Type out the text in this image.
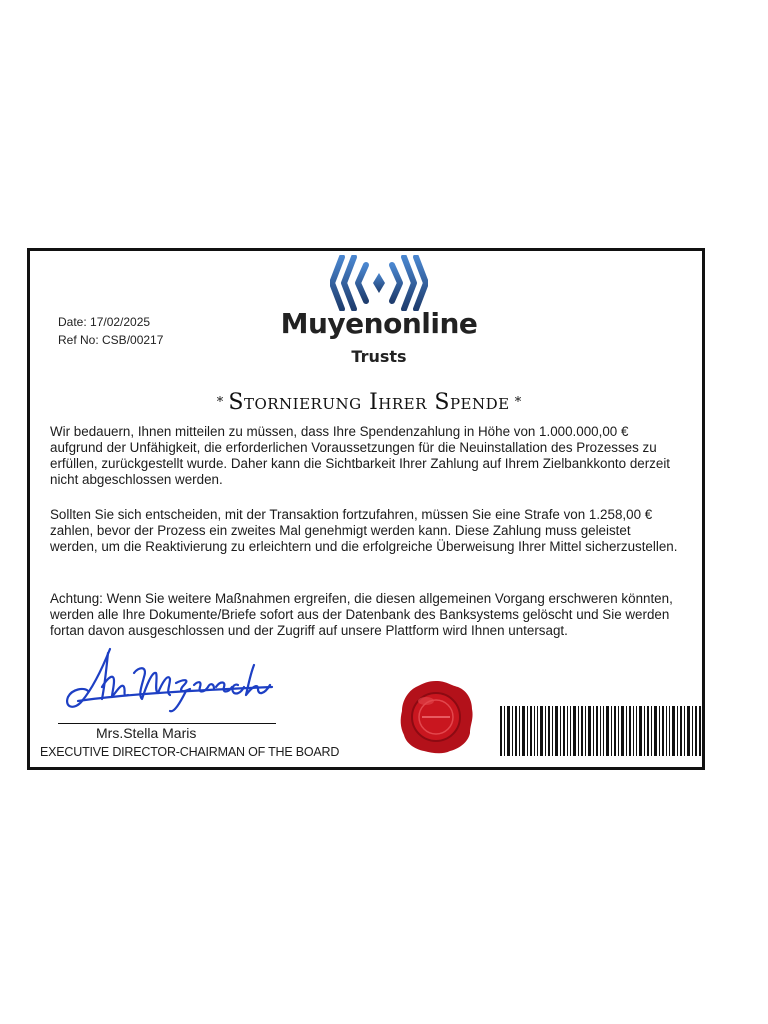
Muyenonline
Trusts
Date: 17/02/2025
Ref No: CSB/00217
* Stornierung Ihrer Spende *

Wir bedauern, Ihnen mitteilen zu müssen, dass Ihre Spendenzahlung in Höhe von 1.000.000,00 € aufgrund der Unfähigkeit, die erforderlichen Voraussetzungen für die Neuinstallation des Prozesses zu erfüllen, zurückgestellt wurde. Daher kann die Sichtbarkeit Ihrer Zahlung auf Ihrem Zielbankkonto derzeit nicht abgeschlossen werden.

Sollten Sie sich entscheiden, mit der Transaktion fortzufahren, müssen Sie eine Strafe von 1.258,00 € zahlen, bevor der Prozess ein zweites Mal genehmigt werden kann. Diese Zahlung muss geleistet werden, um die Reaktivierung zu erleichtern und die erfolgreiche Überweisung Ihrer Mittel sicherzustellen.

Achtung: Wenn Sie weitere Maßnahmen ergreifen, die diesen allgemeinen Vorgang erschweren könnten, werden alle Ihre Dokumente/Briefe sofort aus der Datenbank des Banksystems gelöscht und Sie werden fortan davon ausgeschlossen und der Zugriff auf unsere Plattform wird Ihnen untersagt.

Mrs.Stella Maris
EXECUTIVE DIRECTOR-CHAIRMAN OF THE BOARD
